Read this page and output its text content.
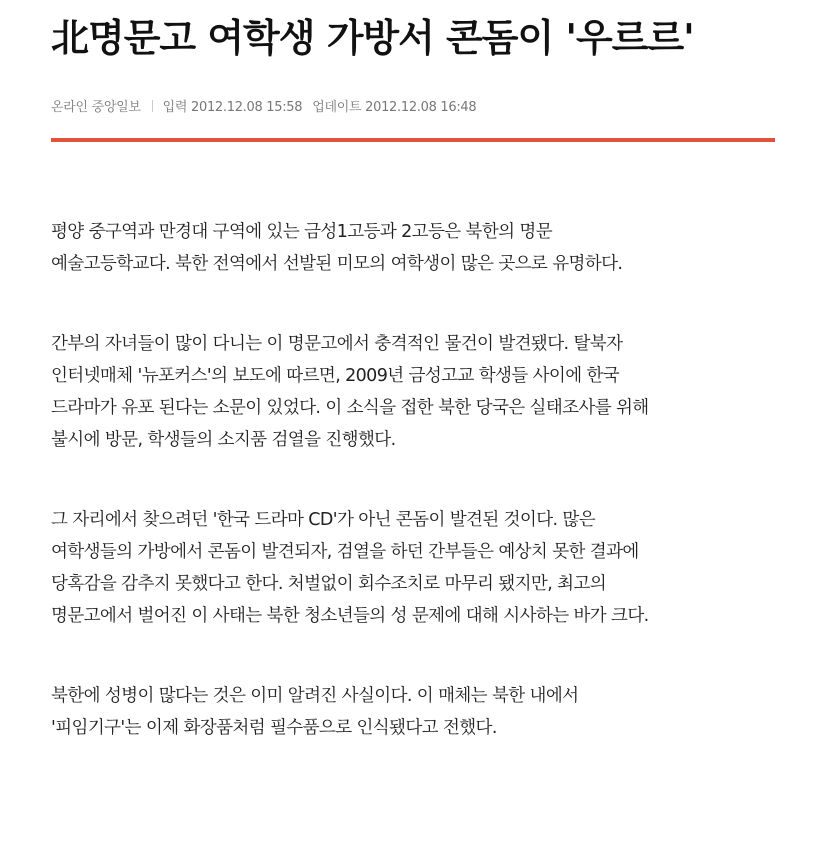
北명문고 여학생 가방서 콘돔이 '우르르'
온라인 중앙일보 입력 2012.12.08 15:58 업데이트 2012.12.08 16:48

평양 중구역과 만경대 구역에 있는 금성1고등과 2고등은 북한의 명문
예술고등학교다. 북한 전역에서 선발된 미모의 여학생이 많은 곳으로 유명하다.

간부의 자녀들이 많이 다니는 이 명문고에서 충격적인 물건이 발견됐다. 탈북자
인터넷매체 '뉴포커스'의 보도에 따르면, 2009년 금성고교 학생들 사이에 한국
드라마가 유포 된다는 소문이 있었다. 이 소식을 접한 북한 당국은 실태조사를 위해
불시에 방문, 학생들의 소지품 검열을 진행했다.

그 자리에서 찾으려던 '한국 드라마 CD'가 아닌 콘돔이 발견된 것이다. 많은
여학생들의 가방에서 콘돔이 발견되자, 검열을 하던 간부들은 예상치 못한 결과에
당혹감을 감추지 못했다고 한다. 처벌없이 회수조치로 마무리 됐지만, 최고의
명문고에서 벌어진 이 사태는 북한 청소년들의 성 문제에 대해 시사하는 바가 크다.

북한에 성병이 많다는 것은 이미 알려진 사실이다. 이 매체는 북한 내에서
'피임기구'는 이제 화장품처럼 필수품으로 인식됐다고 전했다.
